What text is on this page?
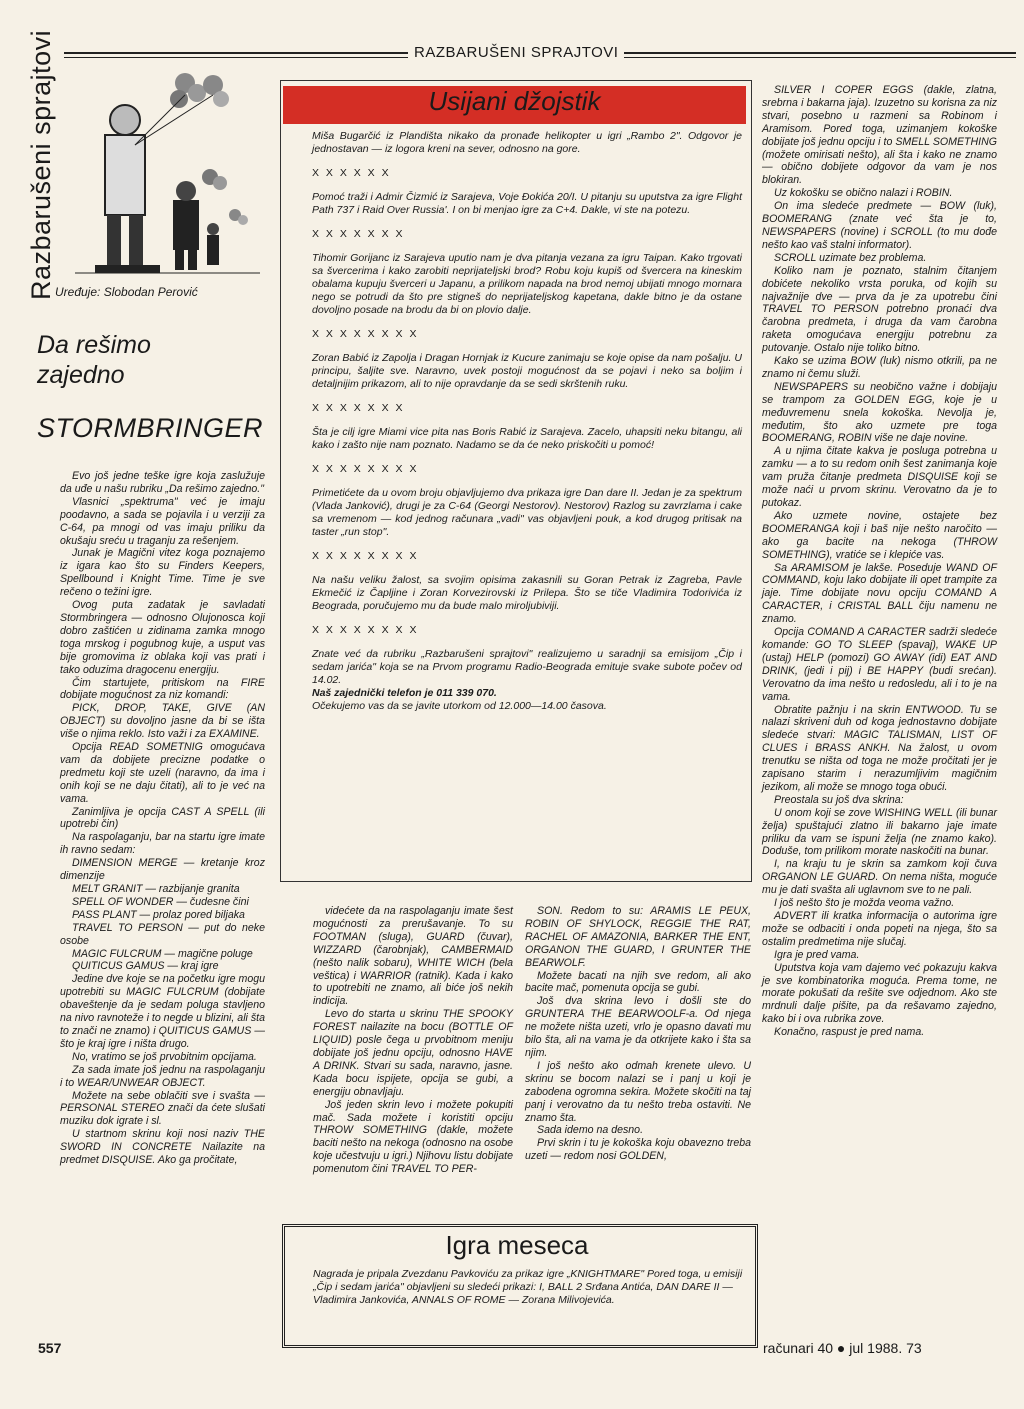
Razbarušeni sprajtovi	RAZBARUŠENI SPRAJTOVI
Uređuje: Slobodan Perović
Da rešimo zajedno
STORMBRINGER

Evo još jedne teške igre koja zaslužuje da uđe u našu rubriku „Da rešimo zajedno."

Vlasnici „spektruma" već je imaju poodavno, a sada se pojavila i u verziji za C-64, pa mnogi od vas imaju priliku da okušaju sreću u traganju za rešenjem.

Junak je Magični vitez koga poznajemo iz igara kao što su Finders Keepers, Spellbound i Knight Time. Time je sve rečeno o težini igre.

Ovog puta zadatak je savladati Stormbringera — odnosno Olujonosca koji dobro zaštićen u zidinama zamka mnogo toga mrskog i pogubnog kuje, a usput vas bije gromovima iz oblaka koji vas prati i tako oduzima dragocenu energiju.

Čim startujete, pritiskom na FIRE dobijate mogućnost za niz komandi:

PICK, DROP, TAKE, GIVE (AN OBJECT) su dovoljno jasne da bi se išta više o njima reklo. Isto važi i za EXAMINE.

Opcija READ SOMETNIG omogućava vam da dobijete precizne podatke o predmetu koji ste uzeli (naravno, da ima i onih koji se ne daju čitati), ali to je već na vama.

Zanimljiva je opcija CAST A SPELL (ili upotrebi čin)

Na raspolaganju, bar na startu igre imate ih ravno sedam:

DIMENSION MERGE — kretanje kroz dimenzije

MELT GRANIT — razbijanje granita

SPELL OF WONDER — čudesne čini

PASS PLANT — prolaz pored biljaka

TRAVEL TO PERSON — put do neke osobe

MAGIC FULCRUM — magične poluge

QUITICUS GAMUS — kraj igre

Jedine dve koje se na početku igre mogu upotrebiti su MAGIC FULCRUM (dobijate obaveštenje da je sedam poluga stavljeno na nivo ravnoteže i to negde u blizini, ali šta to znači ne znamo) i QUITICUS GAMUS — što je kraj igre i ništa drugo.

No, vratimo se još prvobitnim opcijama.

Za sada imate još jednu na raspolaganju i to WEAR/UNWEAR OBJECT.

Možete na sebe oblačiti sve i svašta — PERSONAL STEREO znači da ćete slušati muziku dok igrate i sl.

U startnom skrinu koji nosi naziv THE SWORD IN CONCRETE Nailazite na predmet DISQUISE. Ako ga pročitate,

Usijani džojstik

Miša Bugarčić iz Plandišta nikako da pronađe helikopter u igri „Rambo 2". Odgovor je jednostavan — iz logora kreni na sever, odnosno na gore.

X X X X X X

Pomoć traži i Admir Čizmić iz Sarajeva, Voje Đokića 20/I. U pitanju su uputstva za igre Flight Path 737 i Raid Over Russia'. I on bi menjao igre za C+4. Dakle, vi ste na potezu.

X X X X X X X

Tihomir Gorijanc iz Sarajeva uputio nam je dva pitanja vezana za igru Taipan. Kako trgovati sa švercerima i kako zarobiti neprijateljski brod? Robu koju kupiš od švercera na kineskim obalama kupuju šverceri u Japanu, a prilikom napada na brod nemoj ubijati mnogo mornara nego se potrudi da što pre stigneš do neprijateljskog kapetana, dakle bitno je da ostane dovoljno posade na brodu da bi on plovio dalje.

X X X X X X X X

Zoran Babić iz Zapolja i Dragan Hornjak iz Kucure zanimaju se koje opise da nam pošalju. U principu, šaljite sve. Naravno, uvek postoji mogućnost da se pojavi i neko sa boljim i detaljnijim prikazom, ali to nije opravdanje da se sedi skrštenih ruku.

X X X X X X X

Šta je cilj igre Miami vice pita nas Boris Rabić iz Sarajeva. Zacelo, uhapsiti neku bitangu, ali kako i zašto nije nam poznato. Nadamo se da će neko priskočiti u pomoć!

X X X X X X X X

Primetićete da u ovom broju objavljujemo dva prikaza igre Dan dare II. Jedan je za spektrum (Vlada Janković), drugi je za C-64 (Georgi Nestorov). Nestorov) Razlog su zavrzlama i cake sa vremenom — kod jednog računara „vadi" vas objavljeni pouk, a kod drugog pritisak na taster „run stop".

X X X X X X X X

Na našu veliku žalost, sa svojim opisima zakasnili su Goran Petrak iz Zagreba, Pavle Ekmečić iz Čapljine i Zoran Korvezirovski iz Prilepa. Što se tiče Vladimira Todorivića iz Beograda, poručujemo mu da bude malo miroljubiviji.

X X X X X X X X

Znate već da rubriku „Razbarušeni sprajtovi" realizujemo u saradnji sa emisijom „Čip i sedam jarića" koja se na Prvom programu Radio-Beograda emituje svake subote počev od 14.02.

Naš zajednički telefon je 011 339 070.

Očekujemo vas da se javite utorkom od 12.000—14.00 časova.

videćete da na raspolaganju imate šest mogućnosti za prerušavanje. To su FOOTMAN (sluga), GUARD (čuvar), WIZZARD (čarobnjak), CAMBERMAID (nešto nalik sobaru), WHITE WICH (bela veštica) i WARRIOR (ratnik). Kada i kako to upotrebiti ne znamo, ali biće još nekih indicija.

Levo do starta u skrinu THE SPOOKY FOREST nailazite na bocu (BOTTLE OF LIQUID) posle čega u prvobitnom meniju dobijate još jednu opciju, odnosno HAVE A DRINK. Stvari su sada, naravno, jasne. Kada bocu ispijete, opcija se gubi, a energiju obnavljaju.

Još jeden skrin levo i možete pokupiti mač. Sada možete i koristiti opciju THROW SOMETHING (dakle, možete baciti nešto na nekoga (odnosno na osobe koje učestvuju u igri.) Njihovu listu dobijate pomenutom čini TRAVEL TO PER-

SON. Redom to su: ARAMIS LE PEUX, ROBIN OF SHYLOCK, REGGIE THE RAT, RACHEL OF AMAZONIA, BARKER THE ENT, ORGANON THE GUARD, I GRUNTER THE BEARWOLF.

Možete bacati na njih sve redom, ali ako bacite mač, pomenuta opcija se gubi.

Još dva skrina levo i došli ste do GRUNTERA THE BEARWOOLF-a. Od njega ne možete ništa uzeti, vrlo je opasno davati mu bilo šta, ali na vama je da otkrijete kako i šta sa njim.

I još nešto ako odmah krenete ulevo. U skrinu se bocom nalazi se i panj u koji je zabodena ogromna sekira. Možete skočiti na taj panj i verovatno da tu nešto treba ostaviti. Ne znamo šta.

Sada idemo na desno.

Prvi skrin i tu je kokoška koju obavezno treba uzeti — redom nosi GOLDEN,

SILVER I COPER EGGS (dakle, zlatna, srebrna i bakarna jaja). Izuzetno su korisna za niz stvari, posebno u razmeni sa Robinom i Aramisom. Pored toga, uzimanjem kokoške dobijate još jednu opciju i to SMELL SOMETHING (možete omirisati nešto), ali šta i kako ne znamo — obično dobijete odgovor da vam je nos blokiran.

Uz kokošku se obično nalazi i ROBIN.

On ima sledeće predmete — BOW (luk), BOOMERANG (znate već šta je to, NEWSPAPERS (novine) i SCROLL (to mu dođe nešto kao vaš stalni informator).

SCROLL uzimate bez problema.

Koliko nam je poznato, stalnim čitanjem dobićete nekoliko vrsta poruka, od kojih su najvažnije dve — prva da je za upotrebu čini TRAVEL TO PERSON potrebno pronaći dva čarobna predmeta, i druga da vam čarobna raketa omogućava energiju potrebnu za putovanje. Ostalo nije toliko bitno.

Kako se uzima BOW (luk) nismo otkrili, pa ne znamo ni čemu služi.

NEWSPAPERS su neobično važne i dobijaju se trampom za GOLDEN EGG, koje je u međuvremenu snela kokoška. Nevolja je, međutim, što ako uzmete pre toga BOOMERANG, ROBIN više ne daje novine.

A u njima čitate kakva je posluga potrebna u zamku — a to su redom onih šest zanimanja koje vam pruža čitanje predmeta DISQUISE koji se može naći u prvom skrinu. Verovatno da je to putokaz.

Ako uzmete novine, ostajete bez BOOMERANGA koji i baš nije nešto naročito — ako ga bacite na nekoga (THROW SOMETHING), vratiće se i klepiće vas.

Sa ARAMISOM je lakše. Poseduje WAND OF COMMAND, koju lako dobijate ili opet trampite za jaje. Time dobijate novu opciju COMAND A CARACTER, i CRISTAL BALL čiju namenu ne znamo.

Opcija COMAND A CARACTER sadrži sledeće komande: GO TO SLEEP (spavaj), WAKE UP (ustaj) HELP (pomozi) GO AWAY (idi) EAT AND DRINK, (jedi i pij) i BE HAPPY (budi srećan). Verovatno da ima nešto u redosledu, ali i to je na vama.

Obratite pažnju i na skrin ENTWOOD. Tu se nalazi skriveni duh od koga jednostavno dobijate sledeće stvari: MAGIC TALISMAN, LIST OF CLUES i BRASS ANKH. Na žalost, u ovom trenutku se ništa od toga ne može pročitati jer je zapisano starim i nerazumljivim magičnim jezikom, ali može se mnogo toga obući.

Preostala su još dva skrina:

U onom koji se zove WISHING WELL (ili bunar želja) spuštajući zlatno ili bakarno jaje imate priliku da vam se ispuni želja (ne znamo kako). Doduše, tom prilikom morate naskočiti na bunar.

I, na kraju tu je skrin sa zamkom koji čuva ORGANON LE GUARD. On nema ništa, moguće mu je dati svašta ali uglavnom sve to ne pali.

I još nešto što je možda veoma važno.

ADVERT ili kratka informacija o autorima igre može se odbaciti i onda popeti na njega, što sa ostalim predmetima nije slučaj.

Igra je pred vama.

Uputstva koja vam dajemo već pokazuju kakva je sve kombinatorika moguća. Prema tome, ne morate pokušati da rešite sve odjednom. Ako ste mrdnuli dalje pišite, pa da rešavamo zajedno, kako bi i ova rubrika zove.

Konačno, raspust je pred nama.

Igra meseca
Nagrada je pripala Zvezdanu Pavkoviću za prikaz igre „KNIGHTMARE" Pored toga, u emisiji „Čip i sedam jarića" objavljeni su sledeći prikazi: I, BALL 2 Srđana Antića, DAN DARE II — Vladimira Jankovića, ANNALS OF ROME — Zorana Milivojevića.
557	računari 40 ● jul 1988. 73
